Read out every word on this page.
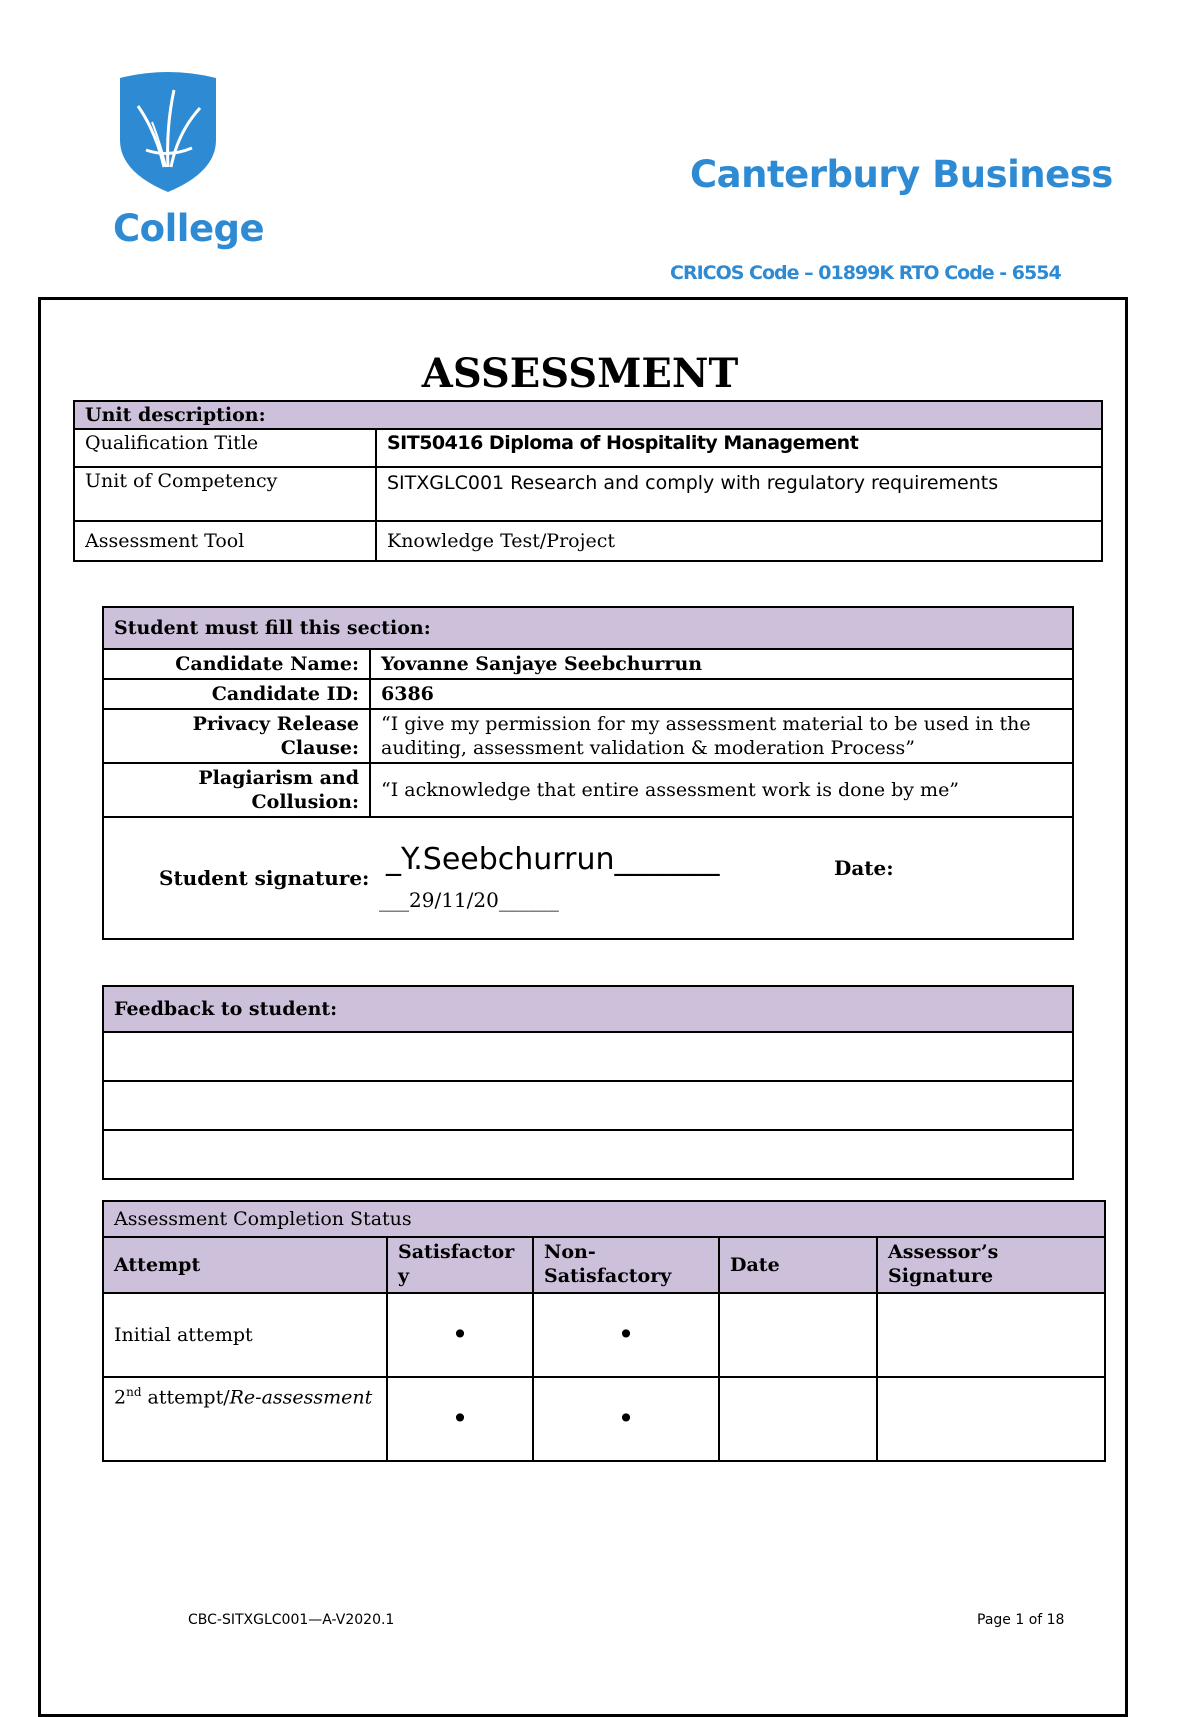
College
Canterbury Business
CRICOS Code – 01899K RTO Code - 6554
ASSESSMENT
Unit description:	
Qualification Title	SIT50416 Diploma of Hospitality Management
Unit of Competency	SITXGLC001 Research and comply with regulatory requirements
Assessment Tool	Knowledge Test/Project
Student must fill this section:	
Candidate Name:	Yovanne Sanjaye Seebchurrun
Candidate ID:	6386
Privacy Release Clause:	“I give my permission for my assessment material to be used in the auditing, assessment validation & moderation Process”
Plagiarism and Collusion:	“I acknowledge that entire assessment work is done by me”

Student signature:
_Y.Seebchurrun_______ Date:
___29/11/20______	
Feedback to student:

Assessment Completion Status				
Attempt	Satisfactor y	Non- Satisfactory	Date	Assessor’s Signature
Initial attempt	•	•		
2nd attempt/Re-assessment	•	•		
CBC-SITXGLC001—A-V2020.1	Page 1 of 18
